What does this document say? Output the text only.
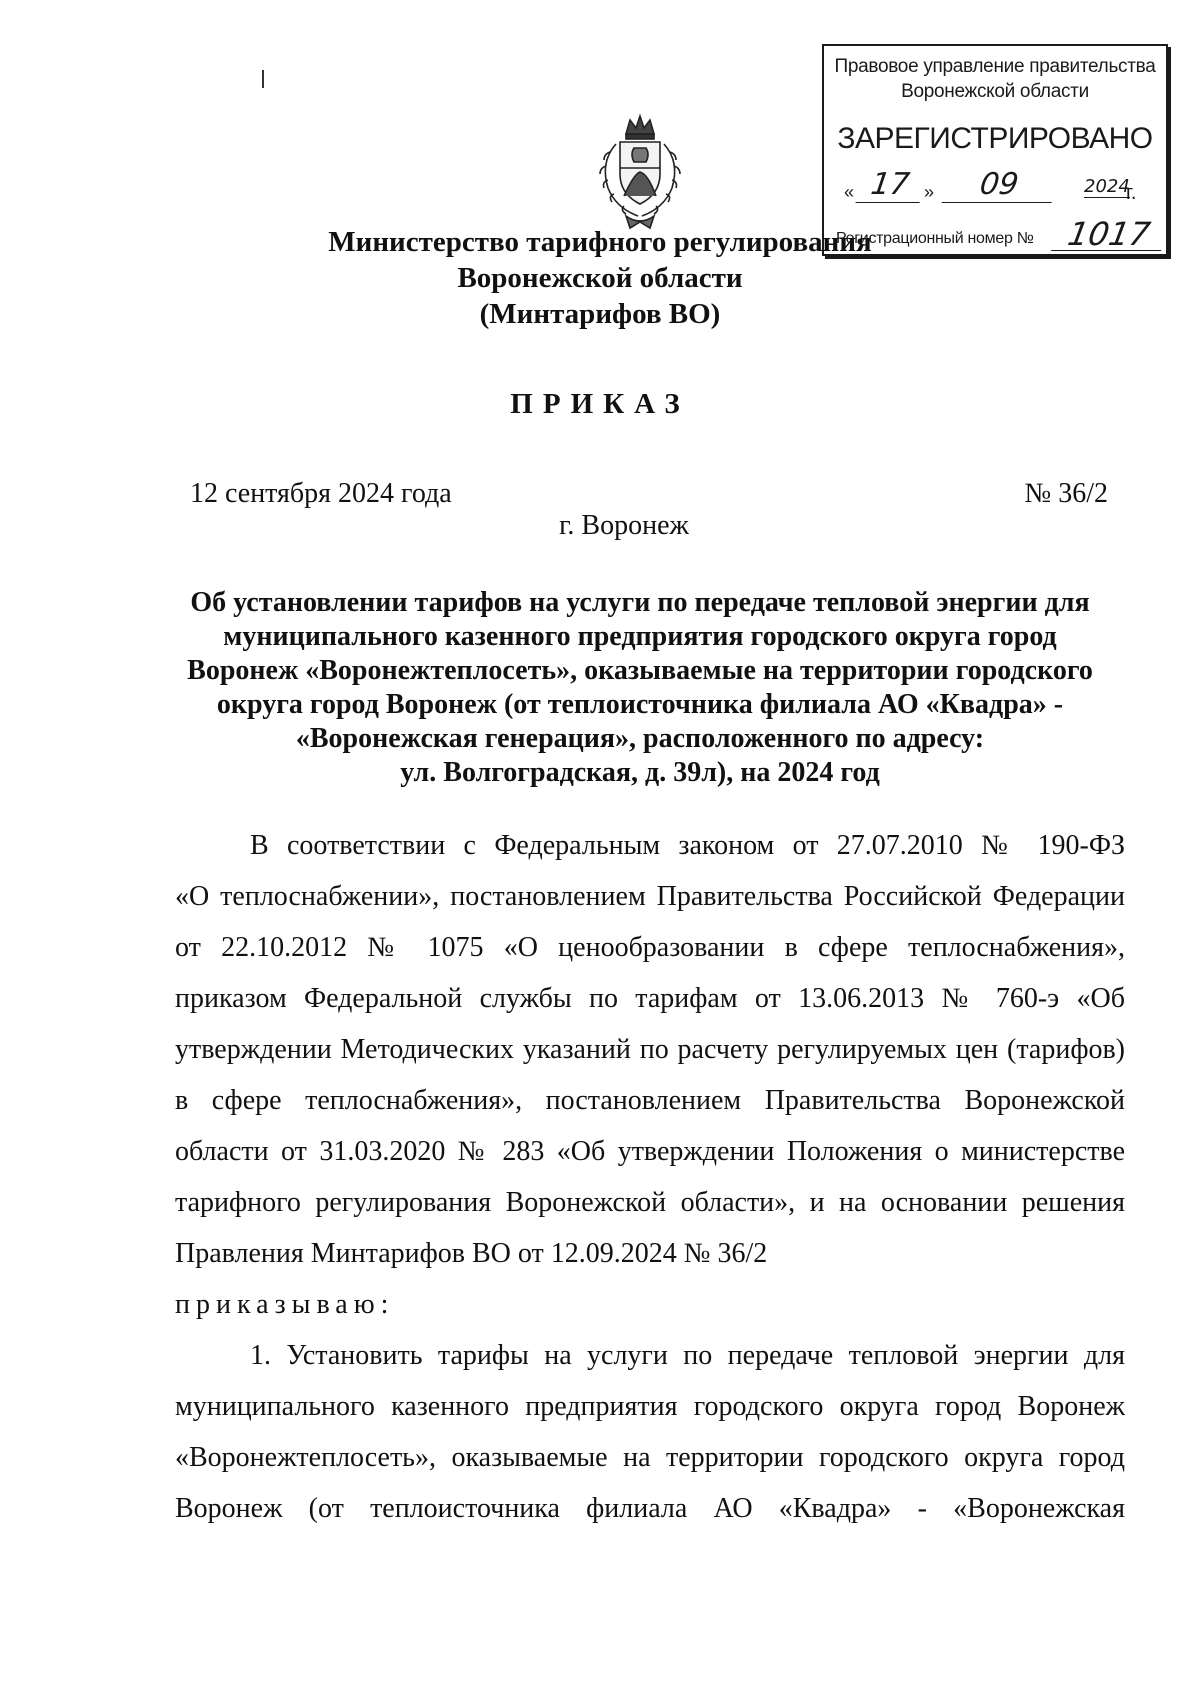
Правовое управление правительства
Воронежской области
ЗАРЕГИСТРИРОВАНО
« 17 »	09	2024
г.
Регистрационный номер № 1017
Министерство тарифного регулирования
Воронежской области
(Минтарифов ВО)
ПРИКАЗ
12 сентября 2024 года	№ 36/2
г. Воронеж
Об установлении тарифов на услуги по передаче тепловой энергии для
муниципального казенного предприятия городского округа город
Воронеж «Воронежтеплосеть», оказываемые на территории городского
округа город Воронеж (от теплоисточника филиала АО «Квадра» -
«Воронежская генерация», расположенного по адресу:
ул. Волгоградская, д. 39л), на 2024 год
В соответствии с Федеральным законом от 27.07.2010 № 190-ФЗ
«О теплоснабжении», постановлением Правительства Российской Федерации
от 22.10.2012 № 1075 «О ценообразовании в сфере теплоснабжения»,
приказом Федеральной службы по тарифам от 13.06.2013 № 760-э «Об
утверждении Методических указаний по расчету регулируемых цен (тарифов)
в сфере теплоснабжения», постановлением Правительства Воронежской
области от 31.03.2020 № 283 «Об утверждении Положения о министерстве
тарифного регулирования Воронежской области», и на основании решения
Правления Минтарифов ВО от 12.09.2024 № 36/2
приказываю:
1. Установить тарифы на услуги по передаче тепловой энергии для
муниципального казенного предприятия городского округа город Воронеж
«Воронежтеплосеть», оказываемые на территории городского округа город
Воронеж (от теплоисточника филиала АО «Квадра» - «Воронежская
